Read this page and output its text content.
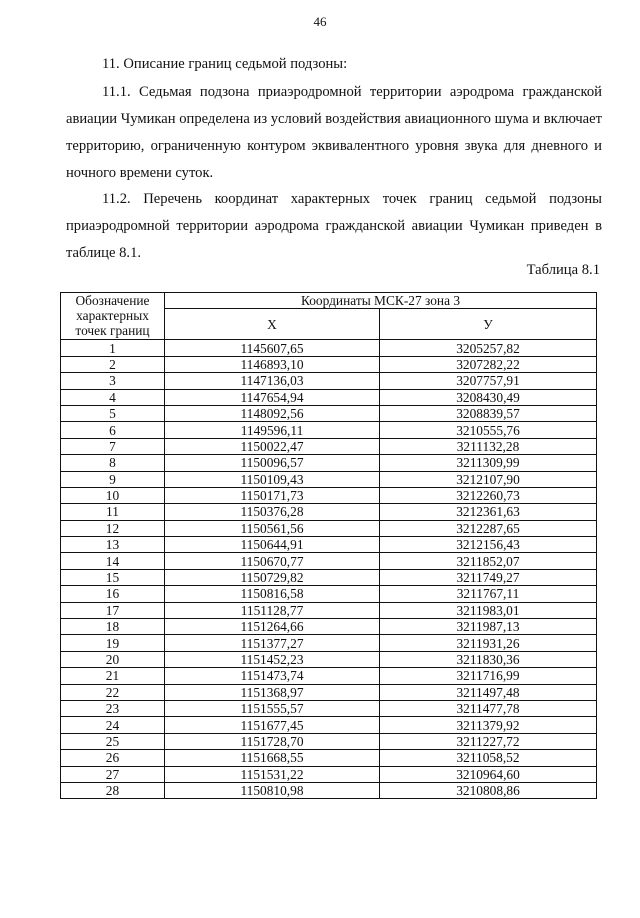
46

11. Описание границ седьмой подзоны:

11.1. Седьмая подзона приаэродромной территории аэродрома гражданской авиации Чумикан определена из условий воздействия авиационного шума и включает территорию, ограниченную контуром эквивалентного уровня звука для дневного и ночного времени суток.

11.2. Перечень координат характерных точек границ седьмой подзоны приаэродромной территории аэродрома гражданской авиации Чумикан приведен в таблице 8.1.

Таблица 8.1
Обозначение характерных точек границ	Координаты МСК-27 зона 3	
	Х	У
1	1145607,65	3205257,82
2	1146893,10	3207282,22
3	1147136,03	3207757,91
4	1147654,94	3208430,49
5	1148092,56	3208839,57
6	1149596,11	3210555,76
7	1150022,47	3211132,28
8	1150096,57	3211309,99
9	1150109,43	3212107,90
10	1150171,73	3212260,73
11	1150376,28	3212361,63
12	1150561,56	3212287,65
13	1150644,91	3212156,43
14	1150670,77	3211852,07
15	1150729,82	3211749,27
16	1150816,58	3211767,11
17	1151128,77	3211983,01
18	1151264,66	3211987,13
19	1151377,27	3211931,26
20	1151452,23	3211830,36
21	1151473,74	3211716,99
22	1151368,97	3211497,48
23	1151555,57	3211477,78
24	1151677,45	3211379,92
25	1151728,70	3211227,72
26	1151668,55	3211058,52
27	1151531,22	3210964,60
28	1150810,98	3210808,86
